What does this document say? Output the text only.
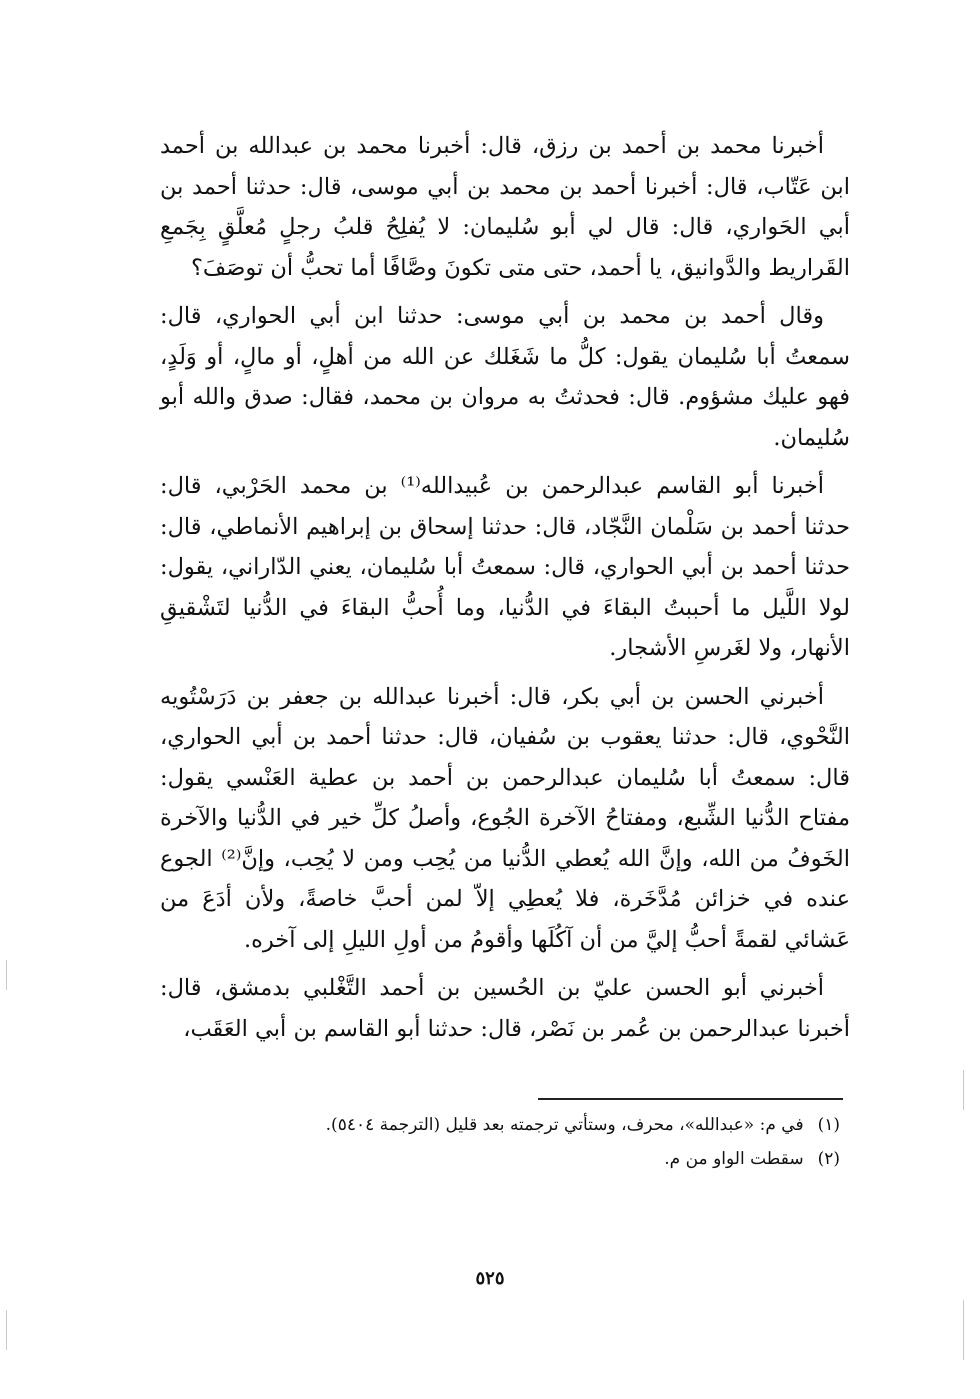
أخبرنا محمد بن أحمد بن رزق، قال: أخبرنا محمد بن عبدالله بن أحمد ابن عَتّاب، قال: أخبرنا أحمد بن محمد بن أبي موسى، قال: حدثنا أحمد بن أبي الحَواري، قال: قال لي أبو سُليمان: لا يُفلِحُ قلبُ رجلٍ مُعلَّقٍ بِجَمعِ القَراريط والدَّوانيق، يا أحمد، حتى متى تكونَ وصَّافًا أما تحبُّ أن توصَفَ؟

وقال أحمد بن محمد بن أبي موسى: حدثنا ابن أبي الحواري، قال: سمعتُ أبا سُليمان يقول: كلُّ ما شَغَلك عن الله من أهلٍ، أو مالٍ، أو وَلَدٍ، فهو عليك مشؤوم. قال: فحدثتُ به مروان بن محمد، فقال: صدق والله أبو سُليمان.

أخبرنا أبو القاسم عبدالرحمن بن عُبيدالله⁽¹⁾ بن محمد الحَرْبي، قال: حدثنا أحمد بن سَلْمان النَّجّاد، قال: حدثنا إسحاق بن إبراهيم الأنماطي، قال: حدثنا أحمد بن أبي الحواري، قال: سمعتُ أبا سُليمان، يعني الدّاراني، يقول: لولا اللَّيل ما أحببتُ البقاءَ في الدُّنيا، وما أُحبُّ البقاءَ في الدُّنيا لتَشْقيقِ الأنهار، ولا لغَرسِ الأشجار.

أخبرني الحسن بن أبي بكر، قال: أخبرنا عبدالله بن جعفر بن دَرَسْتُويه النَّحْوي، قال: حدثنا يعقوب بن سُفيان، قال: حدثنا أحمد بن أبي الحواري، قال: سمعتُ أبا سُليمان عبدالرحمن بن أحمد بن عطية العَنْسي يقول: مفتاح الدُّنيا الشِّبع، ومفتاحُ الآخرة الجُوع، وأصلُ كلِّ خير في الدُّنيا والآخرة الخَوفُ من الله، وإنَّ الله يُعطي الدُّنيا من يُحِب ومن لا يُحِب، وإنَّ⁽²⁾ الجوع عنده في خزائن مُدَّخَرة، فلا يُعطِي إلاّ لمن أحبَّ خاصةً، ولأن أدَعَ من عَشائي لقمةً أحبُّ إليَّ من أن آكُلَها وأقومُ من أولِ الليلِ إلى آخره.

أخبرني أبو الحسن عليّ بن الحُسين بن أحمد التَّغْلبي بدمشق، قال: أخبرنا عبدالرحمن بن عُمر بن نَصْر، قال: حدثنا أبو القاسم بن أبي العَقَب،

(١)
في م: «عبدالله»، محرف، وستأتي ترجمته بعد قليل (الترجمة ٥٤٠٤).
(٢)
سقطت الواو من م.
٥٢٥
